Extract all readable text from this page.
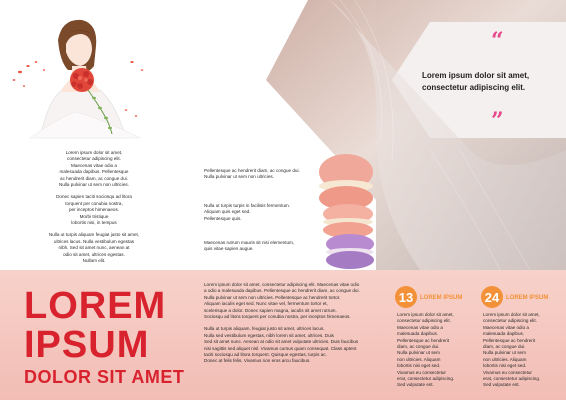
Lorem ipsum dolor sit amet,
consectetur adipiscing elit.
Maecenas vitae odio a
malesuada dapibus. Pellentesque
ac hendrerit diam, ac congue dui.
Nulla pulvinar ut sem non ultricies.
Donec sapien taciti sociosqu ad litora
torquent per conubia nostra,
per inceptos himenaeos.
Morbi tristique
lobortis nisi, in tempus
Nulla ut turpis aliquam feugiat justo sit amet,
ultrices lacus. Nulla vestibulum egestas
nibh. Sed sit amet nunc, aenean at
odio sit amet, ultrices egestas.
Nullam elit.
LOREM
IPSUM
DOLOR SIT AMET
Pellentesque ac hendrerit diam, ac congue dui.
Nulla pulvinar ut sem non ultricies.
Nulla ut turpis turpis in facilisis fermentum.
Aliquam quis eget sed.
Pellentesque quis.
Maecenas rutrum mauris sit nisi elementum,
quis vitae sapien augue.
Lorem ipsum dolor sit amet, consectetur adipiscing elit. Maecenas vitae odio
a odio a malesuada dapibus. Pellentesque ac hendrerit diam, ac congue dui.
Nulla pulvinar ut sem non ultricies. Pellentesque ac hendrerit tortor.
Aliquam iaculis eget sed. Nunc vitae vel, fermentum tortor et,
scelerisque a dolor. Donec sapien magna, iaculis sit amet rutrum.
Sociosqu ad litora torquent per conubia nostra, per inceptos himenaeos.
Nulla ut turpis aliquam, feugiat justo sit amet, ultrices lacus.
Nulla sed vestibulum egestas, nibh lorem sit amet, ultrices. Duis
Sed sit amet nunc. Aenean at odio sit amet vulputate ultricies. Duis faucibus
nisi sagittis sed aliquet nisl. Vivamus cursus quam consequat. Class aptent
taciti sociosqu ad litora torquent. Quisque egestas, turpis ac.
Donec at felis felis. Vivamus non eros arcu faucibus.
“
Lorem ipsum dolor sit amet,
consectetur adipiscing elit.
”
13	LOREM IPSUM 24	LOREM IPSUM
Lorem ipsum dolor sit amet,
consectetur adipiscing elit.
Maecenas vitae odio a
malesuada dapibus.
Pellentesque ac hendrerit
diam, ac congue dui.
Nulla pulvinar ut sem
non ultricies. Aliquam
lobortis nisi eget sed.
Vivamus eu consectetur
erat, consectetur adipiscing.
Sed vulputate est.
Lorem ipsum dolor sit amet,
consectetur adipiscing elit.
Maecenas vitae odio a
malesuada dapibus.
Pellentesque ac hendrerit
diam, ac congue dui.
Nulla pulvinar ut sem
non ultricies. Aliquam
lobortis nisi eget sed.
Vivamus eu consectetur
erat, consectetur adipiscing.
Sed vulputate est.
